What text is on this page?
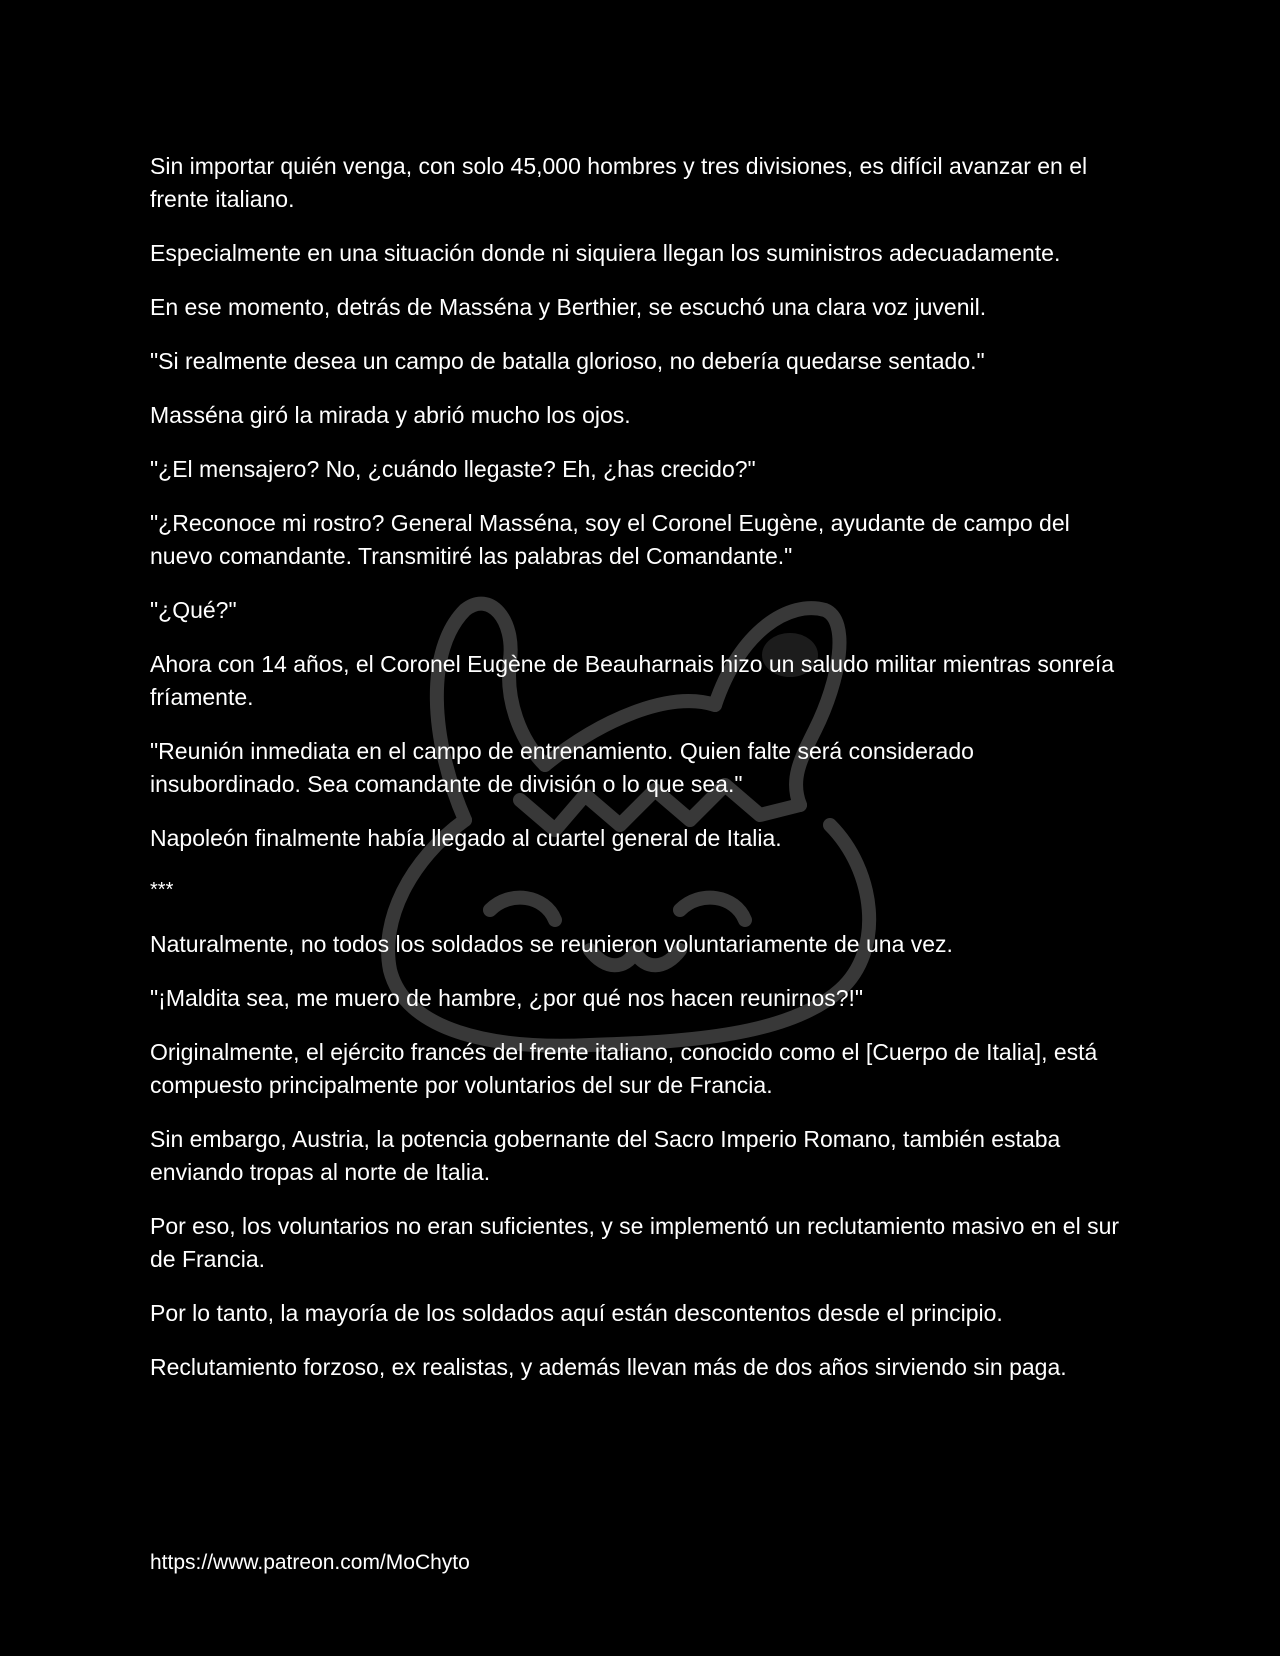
Sin importar quién venga, con solo 45,000 hombres y tres divisiones, es difícil avanzar en el frente italiano.

Especialmente en una situación donde ni siquiera llegan los suministros adecuadamente.

En ese momento, detrás de Masséna y Berthier, se escuchó una clara voz juvenil.

"Si realmente desea un campo de batalla glorioso, no debería quedarse sentado."

Masséna giró la mirada y abrió mucho los ojos.

"¿El mensajero? No, ¿cuándo llegaste? Eh, ¿has crecido?"

"¿Reconoce mi rostro? General Masséna, soy el Coronel Eugène, ayudante de campo del nuevo comandante. Transmitiré las palabras del Comandante."

"¿Qué?"

Ahora con 14 años, el Coronel Eugène de Beauharnais hizo un saludo militar mientras sonreía fríamente.

"Reunión inmediata en el campo de entrenamiento. Quien falte será considerado insubordinado. Sea comandante de división o lo que sea."

Napoleón finalmente había llegado al cuartel general de Italia.

***

Naturalmente, no todos los soldados se reunieron voluntariamente de una vez.

"¡Maldita sea, me muero de hambre, ¿por qué nos hacen reunirnos?!"

Originalmente, el ejército francés del frente italiano, conocido como el [Cuerpo de Italia], está compuesto principalmente por voluntarios del sur de Francia.

Sin embargo, Austria, la potencia gobernante del Sacro Imperio Romano, también estaba enviando tropas al norte de Italia.

Por eso, los voluntarios no eran suficientes, y se implementó un reclutamiento masivo en el sur de Francia.

Por lo tanto, la mayoría de los soldados aquí están descontentos desde el principio.

Reclutamiento forzoso, ex realistas, y además llevan más de dos años sirviendo sin paga.

https://www.patreon.com/MoChyto
